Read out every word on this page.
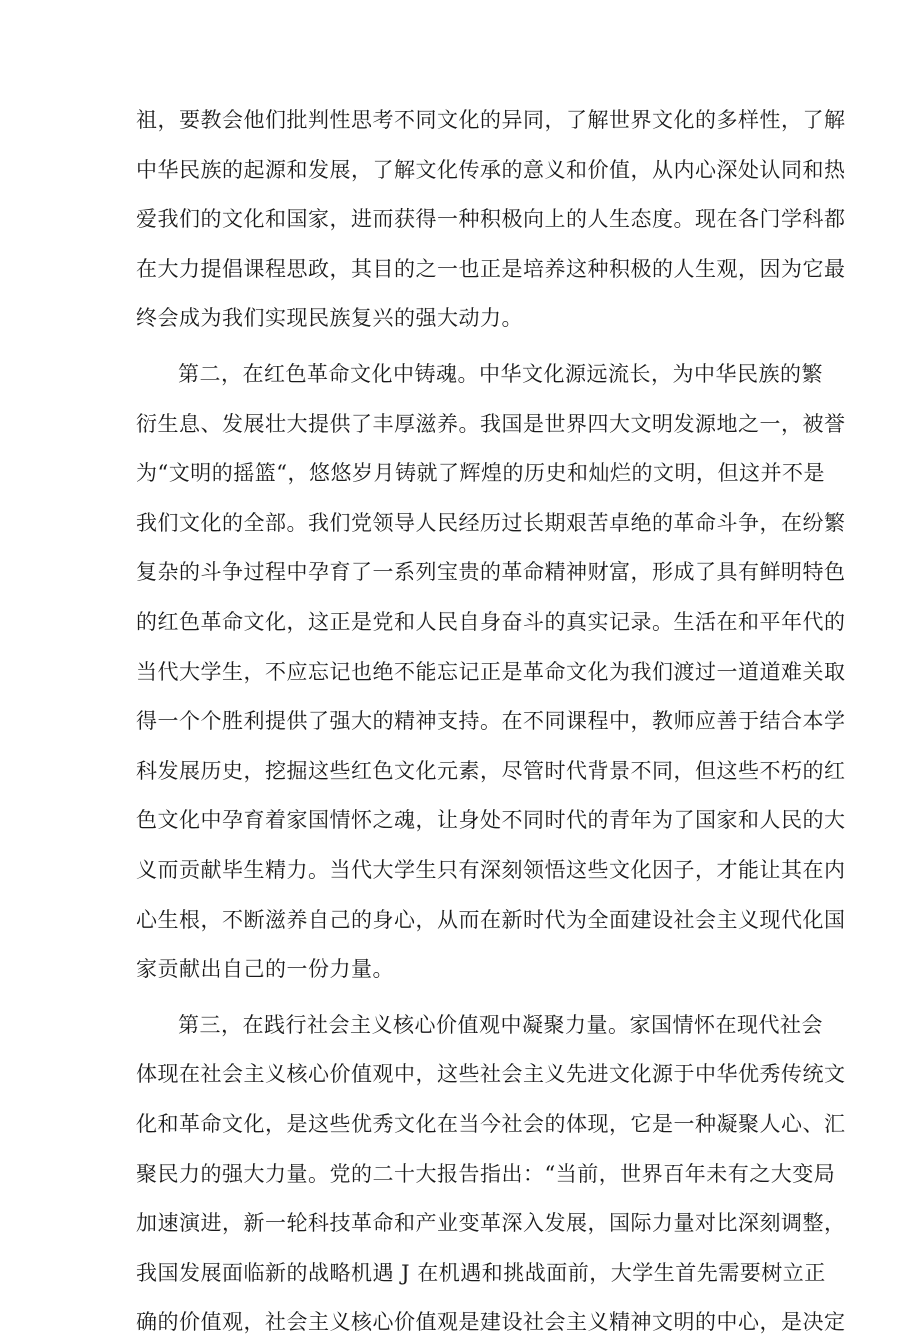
祖，要教会他们批判性思考不同文化的异同，了解世界文化的多样性，了解
中华民族的起源和发展，了解文化传承的意义和价值，从内心深处认同和热
爱我们的文化和国家，进而获得一种积极向上的人生态度。现在各门学科都
在大力提倡课程思政，其目的之一也正是培养这种积极的人生观，因为它最
终会成为我们实现民族复兴的强大动力。
第二，在红色革命文化中铸魂。中华文化源远流长，为中华民族的繁
衍生息、发展壮大提供了丰厚滋养。我国是世界四大文明发源地之一，被誉
为“文明的摇篮“，悠悠岁月铸就了辉煌的历史和灿烂的文明，但这并不是
我们文化的全部。我们党领导人民经历过长期艰苦卓绝的革命斗争，在纷繁
复杂的斗争过程中孕育了一系列宝贵的革命精神财富，形成了具有鲜明特色
的红色革命文化，这正是党和人民自身奋斗的真实记录。生活在和平年代的
当代大学生，不应忘记也绝不能忘记正是革命文化为我们渡过一道道难关取
得一个个胜利提供了强大的精神支持。在不同课程中，教师应善于结合本学
科发展历史，挖掘这些红色文化元素，尽管时代背景不同，但这些不朽的红
色文化中孕育着家国情怀之魂，让身处不同时代的青年为了国家和人民的大
义而贡献毕生精力。当代大学生只有深刻领悟这些文化因子，才能让其在内
心生根，不断滋养自己的身心，从而在新时代为全面建设社会主义现代化国
家贡献出自己的一份力量。
第三，在践行社会主义核心价值观中凝聚力量。家国情怀在现代社会
体现在社会主义核心价值观中，这些社会主义先进文化源于中华优秀传统文
化和革命文化，是这些优秀文化在当今社会的体现，它是一种凝聚人心、汇
聚民力的强大力量。党的二十大报告指出：“当前，世界百年未有之大变局
加速演进，新一轮科技革命和产业变革深入发展，国际力量对比深刻调整，
我国发展面临新的战略机遇 J 在机遇和挑战面前，大学生首先需要树立正
确的价值观，社会主义核心价值观是建设社会主义精神文明的中心，是决定
